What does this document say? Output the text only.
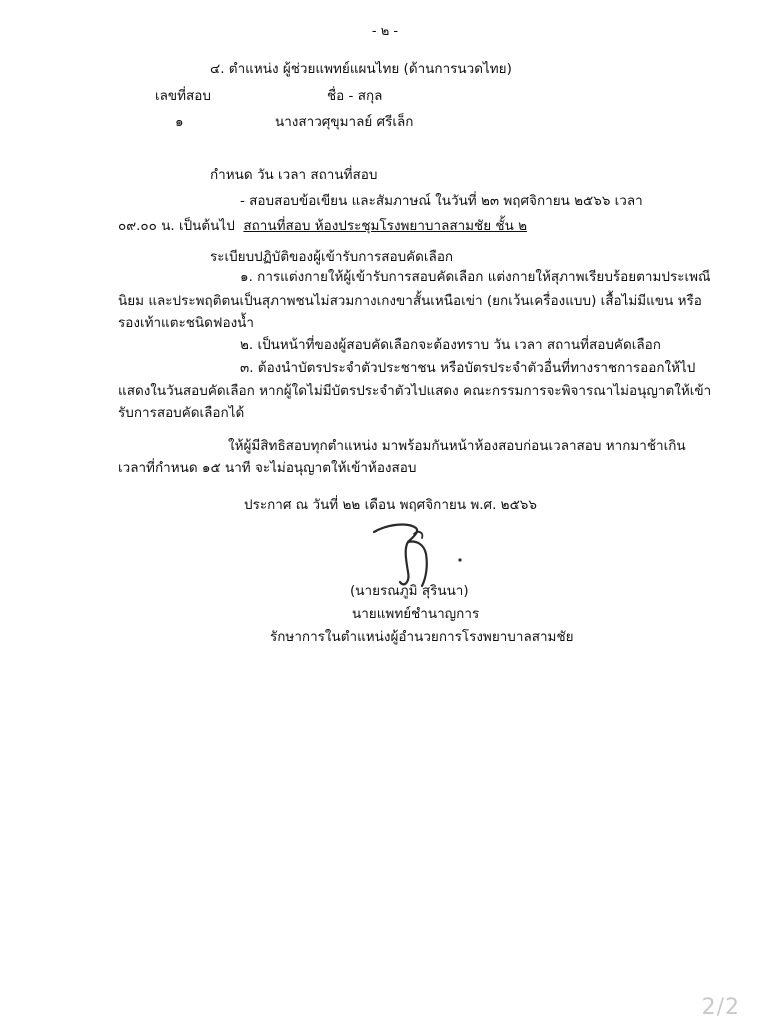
- ๒ -
๔. ตำแหน่ง ผู้ช่วยแพทย์แผนไทย (ด้านการนวดไทย)
เลขที่สอบ	ชื่อ - สกุล
๑	นางสาวศุขุมาลย์ ศรีเล็ก
กำหนด วัน เวลา สถานที่สอบ
- สอบสอบข้อเขียน และสัมภาษณ์ ในวันที่ ๒๓ พฤศจิกายน ๒๕๖๖ เวลา
๐๙.๐๐ น. เป็นต้นไป สถานที่สอบ ห้องประชุมโรงพยาบาลสามชัย ชั้น ๒
ระเบียบปฏิบัติของผู้เข้ารับการสอบคัดเลือก
๑. การแต่งกายให้ผู้เข้ารับการสอบคัดเลือก แต่งกายให้สุภาพเรียบร้อยตามประเพณี
นิยม และประพฤติตนเป็นสุภาพชนไม่สวมกางเกงขาสั้นเหนือเข่า (ยกเว้นเครื่องแบบ) เสื้อไม่มีแขน หรือ
รองเท้าแตะชนิดฟองน้ำ
๒. เป็นหน้าที่ของผู้สอบคัดเลือกจะต้องทราบ วัน เวลา สถานที่สอบคัดเลือก
๓. ต้องนำบัตรประจำตัวประชาชน หรือบัตรประจำตัวอื่นที่ทางราชการออกให้ไป
แสดงในวันสอบคัดเลือก หากผู้ใดไม่มีบัตรประจำตัวไปแสดง คณะกรรมการจะพิจารณาไม่อนุญาตให้เข้า
รับการสอบคัดเลือกได้
ให้ผู้มีสิทธิสอบทุกตำแหน่ง มาพร้อมกันหน้าห้องสอบก่อนเวลาสอบ หากมาช้าเกิน
เวลาที่กำหนด ๑๕ นาที จะไม่อนุญาตให้เข้าห้องสอบ
ประกาศ ณ วันที่ ๒๒ เดือน พฤศจิกายน พ.ศ. ๒๕๖๖
(นายรณภูมิ สุรินนา)
นายแพทย์ชำนาญการ
รักษาการในตำแหน่งผู้อำนวยการโรงพยาบาลสามชัย
2/2
